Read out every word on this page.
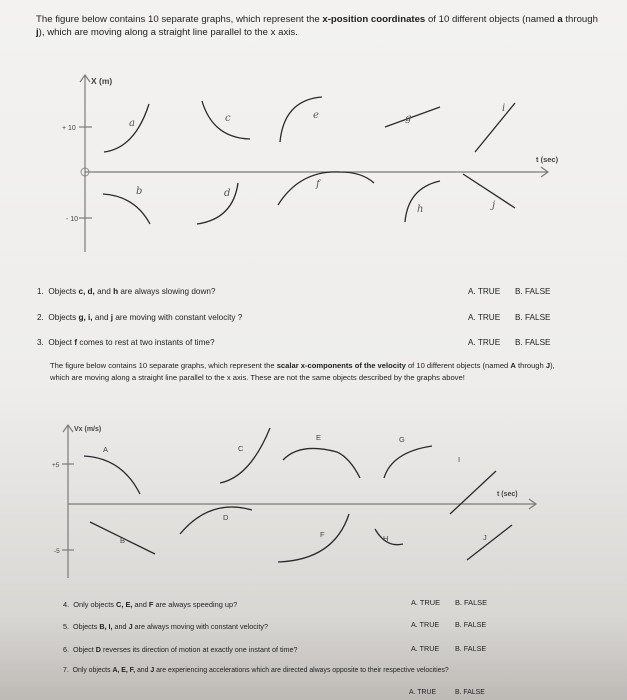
The figure below contains 10 separate graphs, which represent the x-position coordinates of 10 different objects (named a through j), which are moving along a straight line parallel to the x axis.
X (m)
t (sec)
+ 10
- 10
a
b
c
d
e
f
g
h
i
j
Vx (m/s)
t (sec)
+5
-5
A
B
C
D
E
F
G
H
I
J
1. Objects c, d, and h are always slowing down?	A. TRUE B. FALSE
2. Objects g, i, and j are moving with constant velocity ?	A. TRUE B. FALSE
3. Object f comes to rest at two instants of time?	A. TRUE B. FALSE
The figure below contains 10 separate graphs, which represent the scalar x-components of the velocity of 10 different objects (named A through J), which are moving along a straight line parallel to the x axis. These are not the same objects described by the graphs above!
4. Only objects C, E, and F are always speeding up?	A. TRUE B. FALSE
5. Objects B, I, and J are always moving with constant velocity?	A. TRUE B. FALSE
6. Object D reverses its direction of motion at exactly one instant of time?	A. TRUE B. FALSE
7. Only objects A, E, F, and J are experiencing accelerations which are directed always opposite to their respective velocities?
A. TRUE	B. FALSE
